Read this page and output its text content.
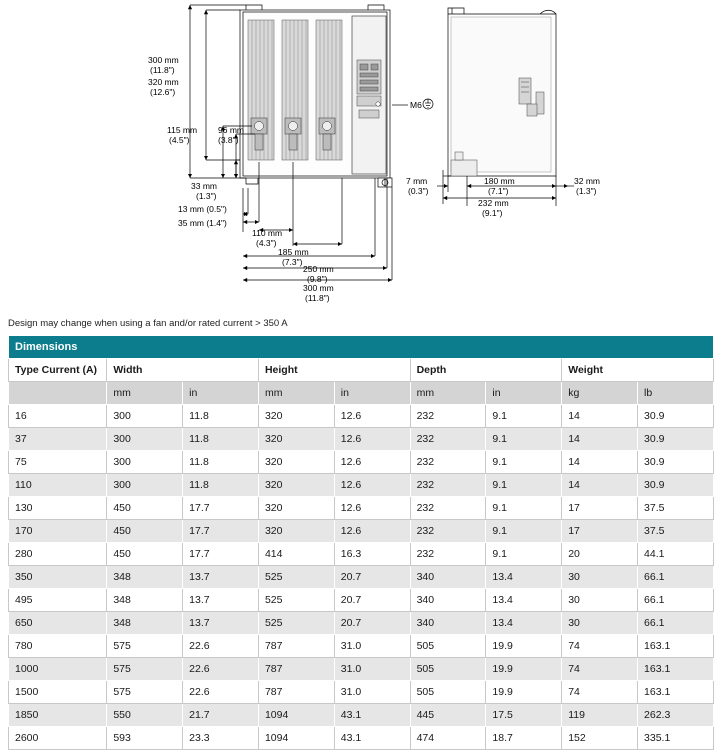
300 mm
(11.8")
320 mm
(12.6")
115 mm
(4.5")
96 mm
(3.8")
33 mm
(1.3")
13 mm (0.5")
35 mm (1.4")
110 mm
(4.3")
185 mm
(7.3")
250 mm
(9.8")
300 mm
(11.8")
M6
7 mm
(0.3")
180 mm
(7.1")
232 mm
(9.1")
32 mm
(1.3")
Design may change when using a fan and/or rated current > 350 A
Dimensions								
Type Current (A)	Width		Height		Depth		Weight	
	mm	in	mm	in	mm	in	kg	lb
16	300	11.8	320	12.6	232	9.1	14	30.9
37	300	11.8	320	12.6	232	9.1	14	30.9
75	300	11.8	320	12.6	232	9.1	14	30.9
110	300	11.8	320	12.6	232	9.1	14	30.9
130	450	17.7	320	12.6	232	9.1	17	37.5
170	450	17.7	320	12.6	232	9.1	17	37.5
280	450	17.7	414	16.3	232	9.1	20	44.1
350	348	13.7	525	20.7	340	13.4	30	66.1
495	348	13.7	525	20.7	340	13.4	30	66.1
650	348	13.7	525	20.7	340	13.4	30	66.1
780	575	22.6	787	31.0	505	19.9	74	163.1
1000	575	22.6	787	31.0	505	19.9	74	163.1
1500	575	22.6	787	31.0	505	19.9	74	163.1
1850	550	21.7	1094	43.1	445	17.5	119	262.3
2600	593	23.3	1094	43.1	474	18.7	152	335.1
